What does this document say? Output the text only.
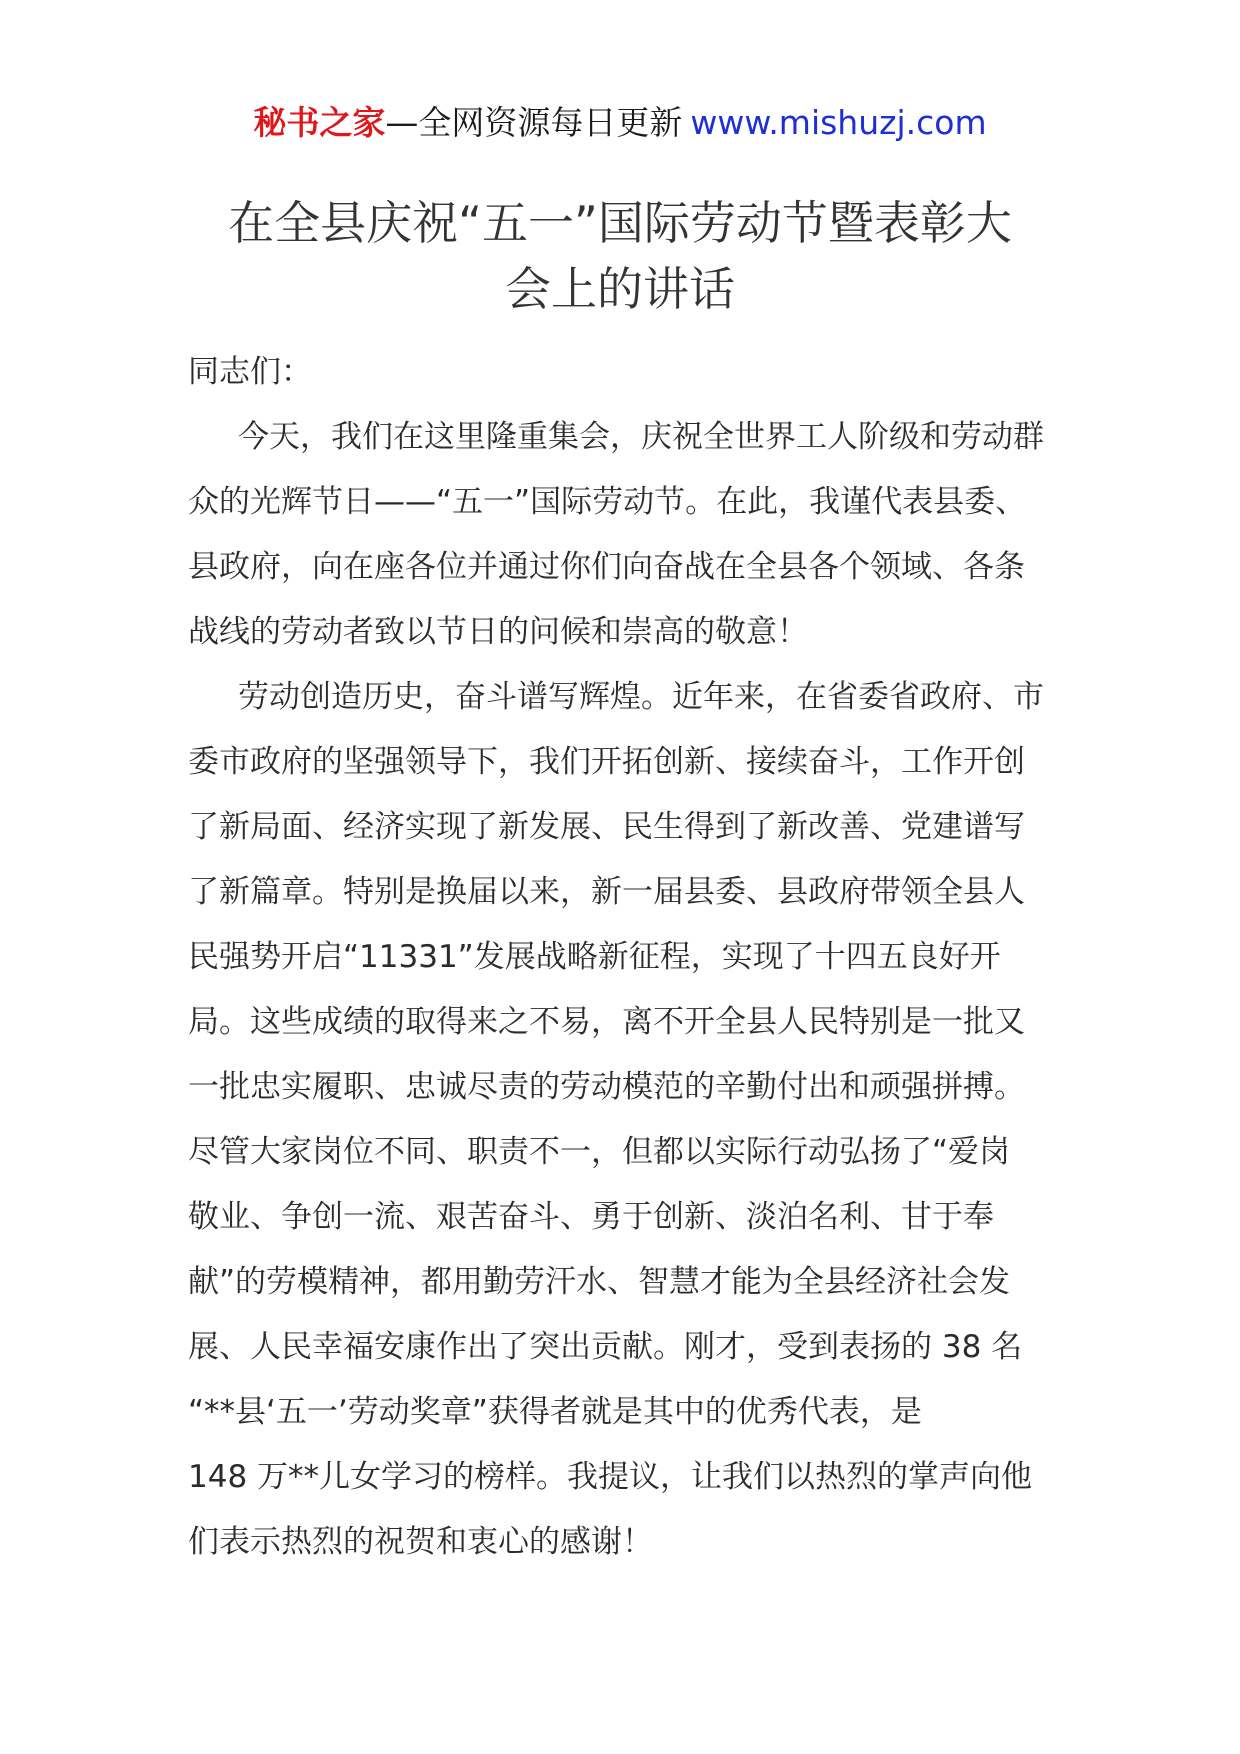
秘书之家—全网资源每日更新 www.mishuzj.com
在全县庆祝“五一”国际劳动节暨表彰大
会上的讲话
同志们：
今天，我们在这里隆重集会，庆祝全世界工人阶级和劳动群
众的光辉节日——“五一”国际劳动节。在此，我谨代表县委、
县政府，向在座各位并通过你们向奋战在全县各个领域、各条
战线的劳动者致以节日的问候和崇高的敬意！
劳动创造历史，奋斗谱写辉煌。近年来，在省委省政府、市
委市政府的坚强领导下，我们开拓创新、接续奋斗，工作开创
了新局面、经济实现了新发展、民生得到了新改善、党建谱写
了新篇章。特别是换届以来，新一届县委、县政府带领全县人
民强势开启“11331”发展战略新征程，实现了十四五良好开
局。这些成绩的取得来之不易，离不开全县人民特别是一批又
一批忠实履职、忠诚尽责的劳动模范的辛勤付出和顽强拼搏。
尽管大家岗位不同、职责不一，但都以实际行动弘扬了“爱岗
敬业、争创一流、艰苦奋斗、勇于创新、淡泊名利、甘于奉
献”的劳模精神，都用勤劳汗水、智慧才能为全县经济社会发
展、人民幸福安康作出了突出贡献。刚才，受到表扬的 38 名
“**县‘五一’劳动奖章”获得者就是其中的优秀代表，是
148 万**儿女学习的榜样。我提议，让我们以热烈的掌声向他
们表示热烈的祝贺和衷心的感谢！
